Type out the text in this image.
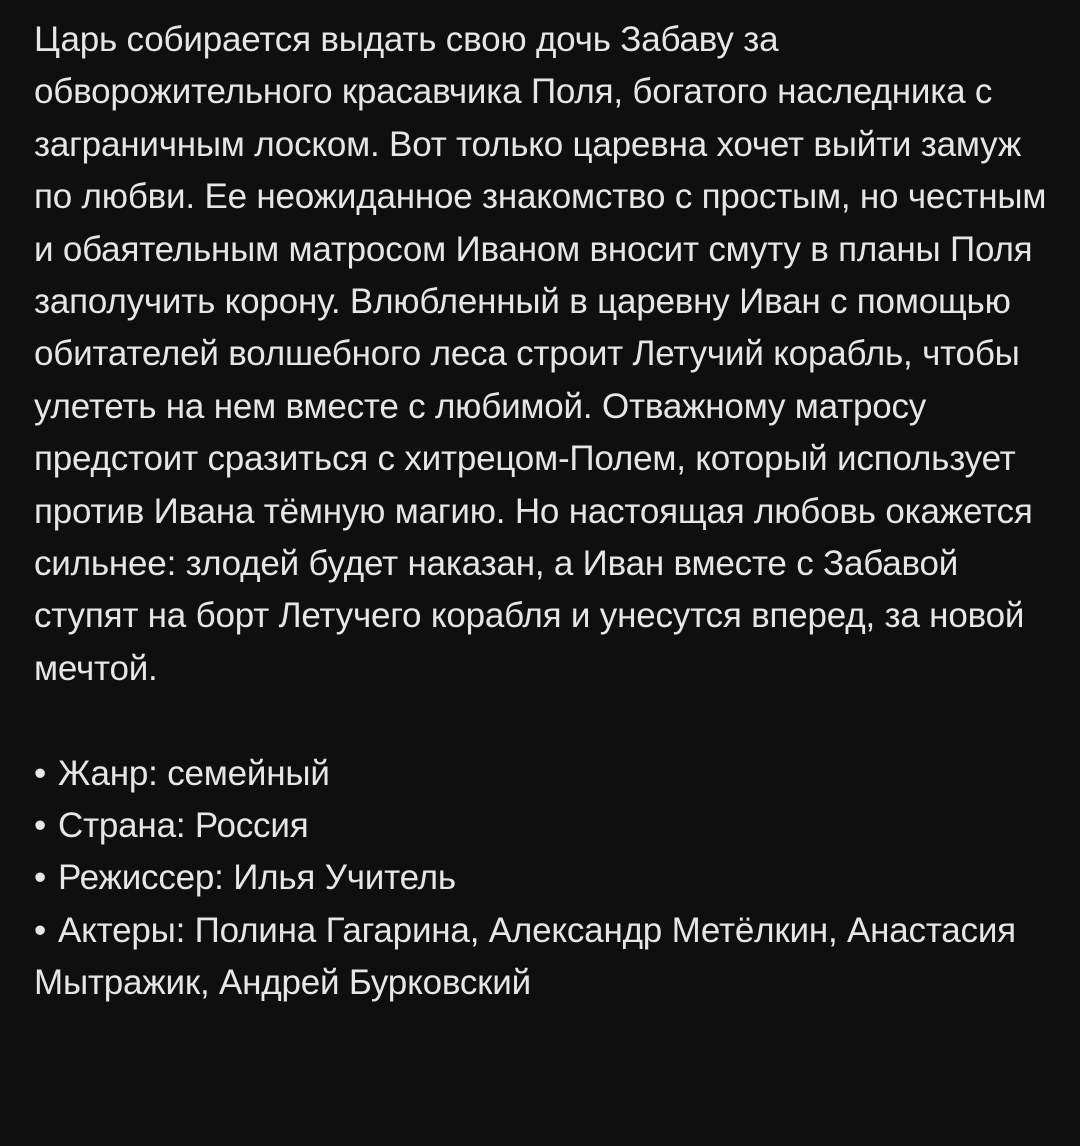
Царь собирается выдать свою дочь Забаву за обворожительного красавчика Поля, богатого наследника с заграничным лоском. Вот только царевна хочет выйти замуж по любви. Ее неожиданное знакомство с простым, но честным и обаятельным матросом Иваном вносит смуту в планы Поля заполучить корону. Влюбленный в царевну Иван с помощью обитателей волшебного леса строит Летучий корабль, чтобы улететь на нем вместе с любимой. Отважному матросу предстоит сразиться с хитрецом-Полем, который использует против Ивана тёмную магию. Но настоящая любовь окажется сильнее: злодей будет наказан, а Иван вместе с Забавой ступят на борт Летучего корабля и унесутся вперед, за новой мечтой.

• Жанр: семейный
• Страна: Россия
• Режиссер: Илья Учитель
• Актеры: Полина Гагарина, Александр Метёлкин, Анастасия Мытражик, Андрей Бурковский
